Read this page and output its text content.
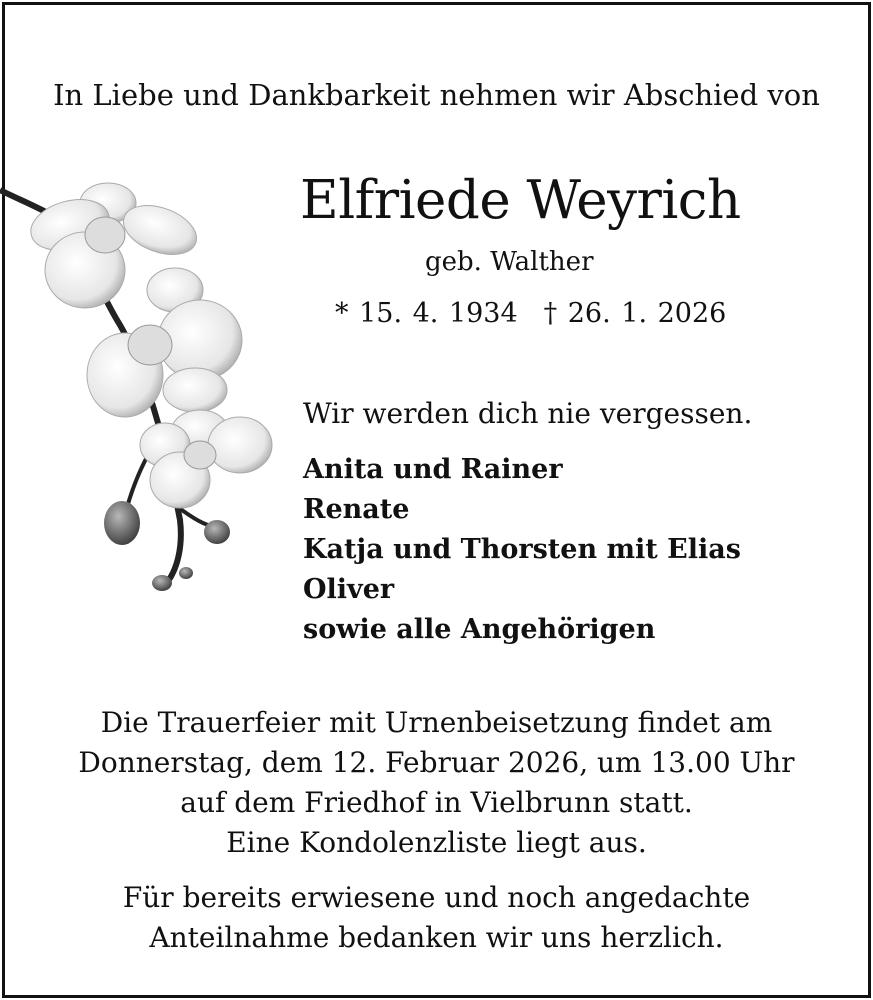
In Liebe und Dankbarkeit nehmen wir Abschied von
Elfriede Weyrich
geb. Walther
* 15. 4. 1934 † 26. 1. 2026
Wir werden dich nie vergessen.
Anita und Rainer
Renate
Katja und Thorsten mit Elias
Oliver
sowie alle Angehörigen
Die Trauerfeier mit Urnenbeisetzung findet am
Donnerstag, dem 12. Februar 2026, um 13.00 Uhr
auf dem Friedhof in Vielbrunn statt.
Eine Kondolenzliste liegt aus.
Für bereits erwiesene und noch angedachte
Anteilnahme bedanken wir uns herzlich.
